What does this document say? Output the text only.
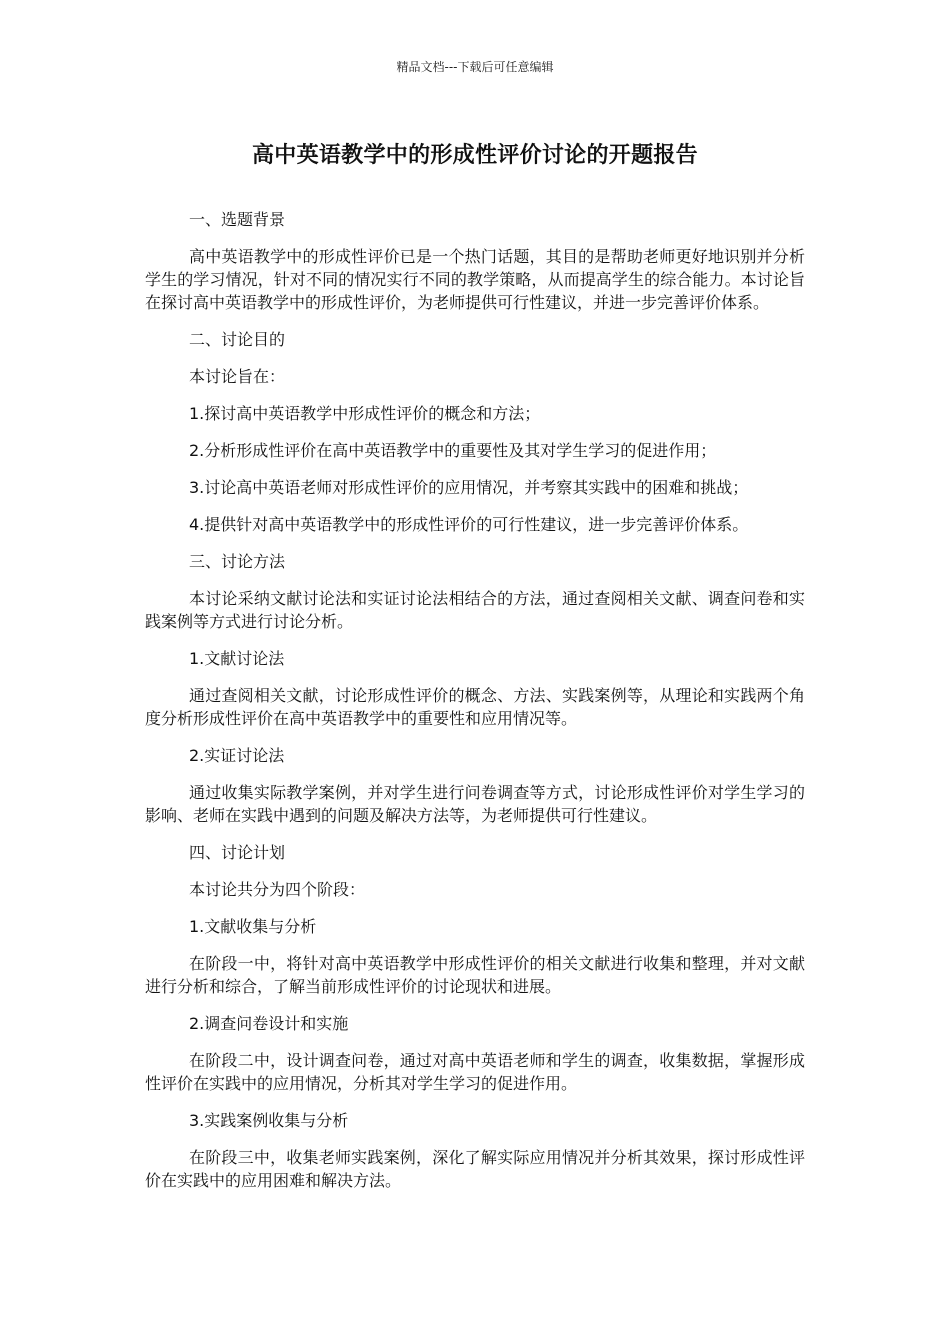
精品文档---下载后可任意编辑
高中英语教学中的形成性评价讨论的开题报告

一、选题背景

高中英语教学中的形成性评价已是一个热门话题，其目的是帮助老师更好地识别并分析学生的学习情况，针对不同的情况实行不同的教学策略，从而提高学生的综合能力。本讨论旨在探讨高中英语教学中的形成性评价，为老师提供可行性建议，并进一步完善评价体系。

二、讨论目的

本讨论旨在：

1.探讨高中英语教学中形成性评价的概念和方法；

2.分析形成性评价在高中英语教学中的重要性及其对学生学习的促进作用；

3.讨论高中英语老师对形成性评价的应用情况，并考察其实践中的困难和挑战；

4.提供针对高中英语教学中的形成性评价的可行性建议，进一步完善评价体系。

三、讨论方法

本讨论采纳文献讨论法和实证讨论法相结合的方法，通过查阅相关文献、调查问卷和实践案例等方式进行讨论分析。

1.文献讨论法

通过查阅相关文献，讨论形成性评价的概念、方法、实践案例等，从理论和实践两个角度分析形成性评价在高中英语教学中的重要性和应用情况等。

2.实证讨论法

通过收集实际教学案例，并对学生进行问卷调查等方式，讨论形成性评价对学生学习的影响、老师在实践中遇到的问题及解决方法等，为老师提供可行性建议。

四、讨论计划

本讨论共分为四个阶段：

1.文献收集与分析

在阶段一中，将针对高中英语教学中形成性评价的相关文献进行收集和整理，并对文献进行分析和综合，了解当前形成性评价的讨论现状和进展。

2.调查问卷设计和实施

在阶段二中，设计调查问卷，通过对高中英语老师和学生的调查，收集数据，掌握形成性评价在实践中的应用情况，分析其对学生学习的促进作用。

3.实践案例收集与分析

在阶段三中，收集老师实践案例，深化了解实际应用情况并分析其效果，探讨形成性评价在实践中的应用困难和解决方法。
